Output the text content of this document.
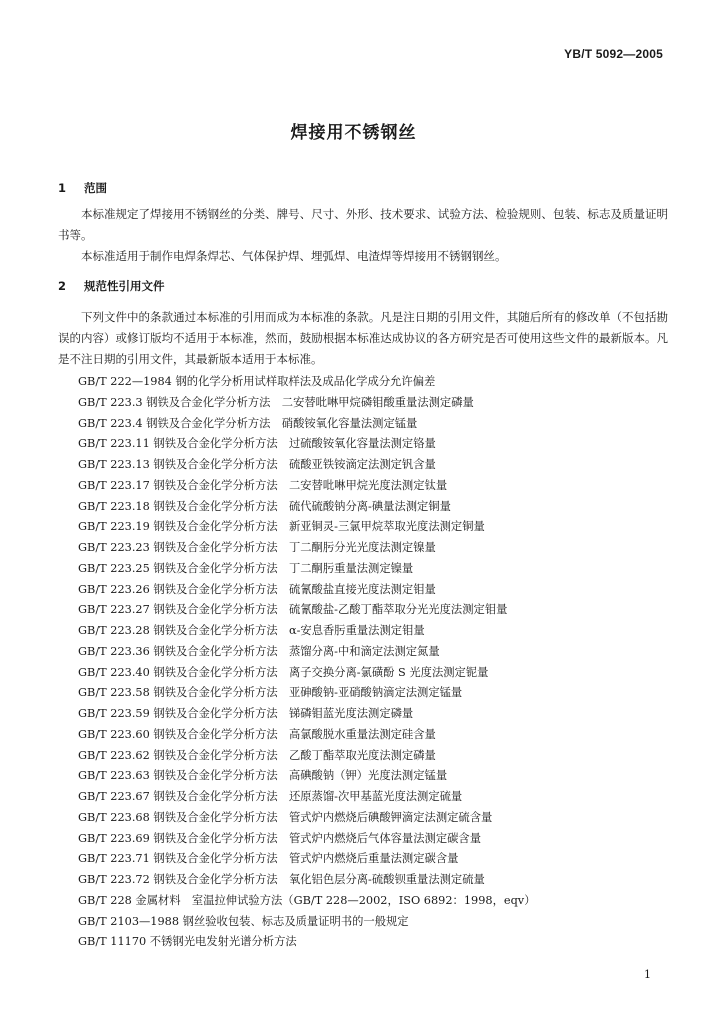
YB/T 5092—2005
焊接用不锈钢丝
1 范围
本标准规定了焊接用不锈钢丝的分类、牌号、尺寸、外形、技术要求、试验方法、检验规则、包装、标志及质量证明书等。
本标准适用于制作电焊条焊芯、气体保护焊、埋弧焊、电渣焊等焊接用不锈钢钢丝。
2 规范性引用文件
下列文件中的条款通过本标准的引用而成为本标准的条款。凡是注日期的引用文件，其随后所有的修改单（不包括勘误的内容）或修订版均不适用于本标准，然而，鼓励根据本标准达成协议的各方研究是否可使用这些文件的最新版本。凡是不注日期的引用文件，其最新版本适用于本标准。
GB/T 222—1984 钢的化学分析用试样取样法及成品化学成分允许偏差
GB/T 223.3 钢铁及合金化学分析方法　二安替吡啉甲烷磷钼酸重量法测定磷量
GB/T 223.4 钢铁及合金化学分析方法　硝酸铵氧化容量法测定锰量
GB/T 223.11 钢铁及合金化学分析方法　过硫酸铵氧化容量法测定铬量
GB/T 223.13 钢铁及合金化学分析方法　硫酸亚铁铵滴定法测定钒含量
GB/T 223.17 钢铁及合金化学分析方法　二安替吡啉甲烷光度法测定钛量
GB/T 223.18 钢铁及合金化学分析方法　硫代硫酸钠分离-碘量法测定铜量
GB/T 223.19 钢铁及合金化学分析方法　新亚铜灵-三氯甲烷萃取光度法测定铜量
GB/T 223.23 钢铁及合金化学分析方法　丁二酮肟分光光度法测定镍量
GB/T 223.25 钢铁及合金化学分析方法　丁二酮肟重量法测定镍量
GB/T 223.26 钢铁及合金化学分析方法　硫氰酸盐直接光度法测定钼量
GB/T 223.27 钢铁及合金化学分析方法　硫氰酸盐-乙酸丁酯萃取分光光度法测定钼量
GB/T 223.28 钢铁及合金化学分析方法　α-安息香肟重量法测定钼量
GB/T 223.36 钢铁及合金化学分析方法　蒸馏分离-中和滴定法测定氮量
GB/T 223.40 钢铁及合金化学分析方法　离子交换分离-氯磺酚 S 光度法测定铌量
GB/T 223.58 钢铁及合金化学分析方法　亚砷酸钠-亚硝酸钠滴定法测定锰量
GB/T 223.59 钢铁及合金化学分析方法　锑磷钼蓝光度法测定磷量
GB/T 223.60 钢铁及合金化学分析方法　高氯酸脱水重量法测定硅含量
GB/T 223.62 钢铁及合金化学分析方法　乙酸丁酯萃取光度法测定磷量
GB/T 223.63 钢铁及合金化学分析方法　高碘酸钠（钾）光度法测定锰量
GB/T 223.67 钢铁及合金化学分析方法　还原蒸馏-次甲基蓝光度法测定硫量
GB/T 223.68 钢铁及合金化学分析方法　管式炉内燃烧后碘酸钾滴定法测定硫含量
GB/T 223.69 钢铁及合金化学分析方法　管式炉内燃烧后气体容量法测定碳含量
GB/T 223.71 钢铁及合金化学分析方法　管式炉内燃烧后重量法测定碳含量
GB/T 223.72 钢铁及合金化学分析方法　氧化铝色层分离-硫酸钡重量法测定硫量
GB/T 228 金属材料　室温拉伸试验方法（GB/T 228—2002，ISO 6892：1998，eqv）
GB/T 2103—1988 钢丝验收包装、标志及质量证明书的一般规定
GB/T 11170 不锈钢光电发射光谱分析方法
1
